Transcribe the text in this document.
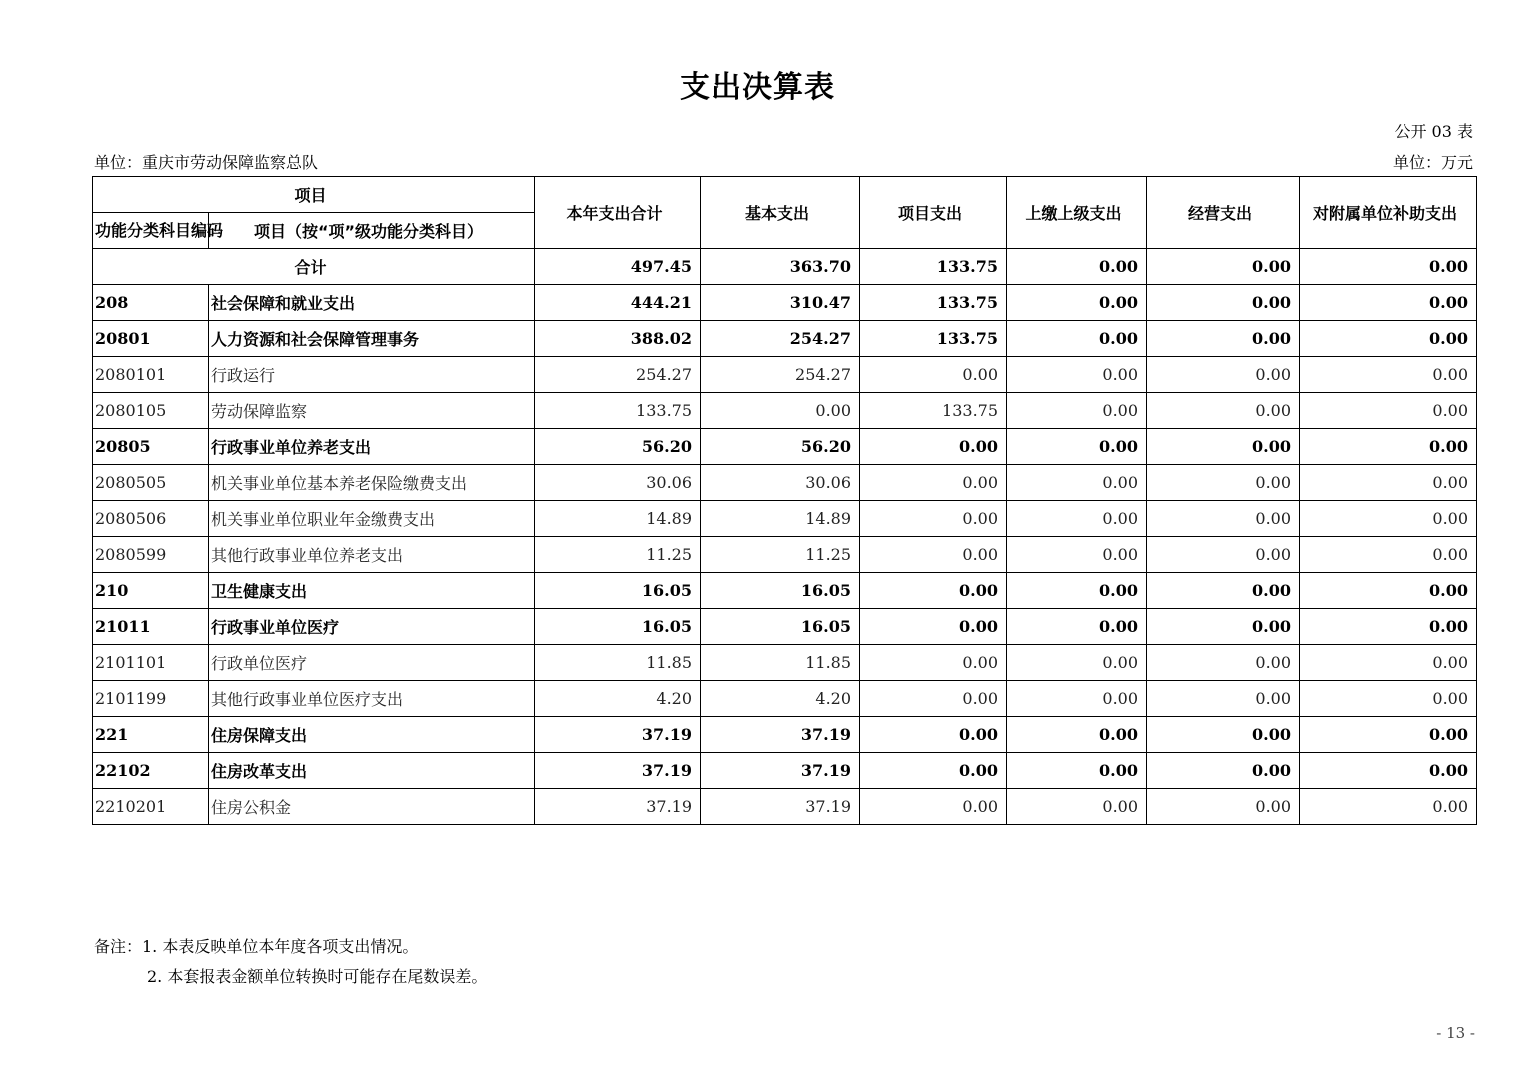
支出决算表
公开 03 表
单位：重庆市劳动保障监察总队	单位：万元
项目		本年支出合计	基本支出	项目支出	上缴上级支出	经营支出	对附属单位补助支出
功能分类科目编码	项目（按“项”级功能分类科目）						
合计		497.45	363.70	133.75	0.00	0.00	0.00
208	社会保障和就业支出	444.21	310.47	133.75	0.00	0.00	0.00
20801	人力资源和社会保障管理事务	388.02	254.27	133.75	0.00	0.00	0.00
2080101	行政运行	254.27	254.27	0.00	0.00	0.00	0.00
2080105	劳动保障监察	133.75	0.00	133.75	0.00	0.00	0.00
20805	行政事业单位养老支出	56.20	56.20	0.00	0.00	0.00	0.00
2080505	机关事业单位基本养老保险缴费支出	30.06	30.06	0.00	0.00	0.00	0.00
2080506	机关事业单位职业年金缴费支出	14.89	14.89	0.00	0.00	0.00	0.00
2080599	其他行政事业单位养老支出	11.25	11.25	0.00	0.00	0.00	0.00
210	卫生健康支出	16.05	16.05	0.00	0.00	0.00	0.00
21011	行政事业单位医疗	16.05	16.05	0.00	0.00	0.00	0.00
2101101	行政单位医疗	11.85	11.85	0.00	0.00	0.00	0.00
2101199	其他行政事业单位医疗支出	4.20	4.20	0.00	0.00	0.00	0.00
221	住房保障支出	37.19	37.19	0.00	0.00	0.00	0.00
22102	住房改革支出	37.19	37.19	0.00	0.00	0.00	0.00
2210201	住房公积金	37.19	37.19	0.00	0.00	0.00	0.00
备注：1. 本表反映单位本年度各项支出情况。
2. 本套报表金额单位转换时可能存在尾数误差。
- 13 -
